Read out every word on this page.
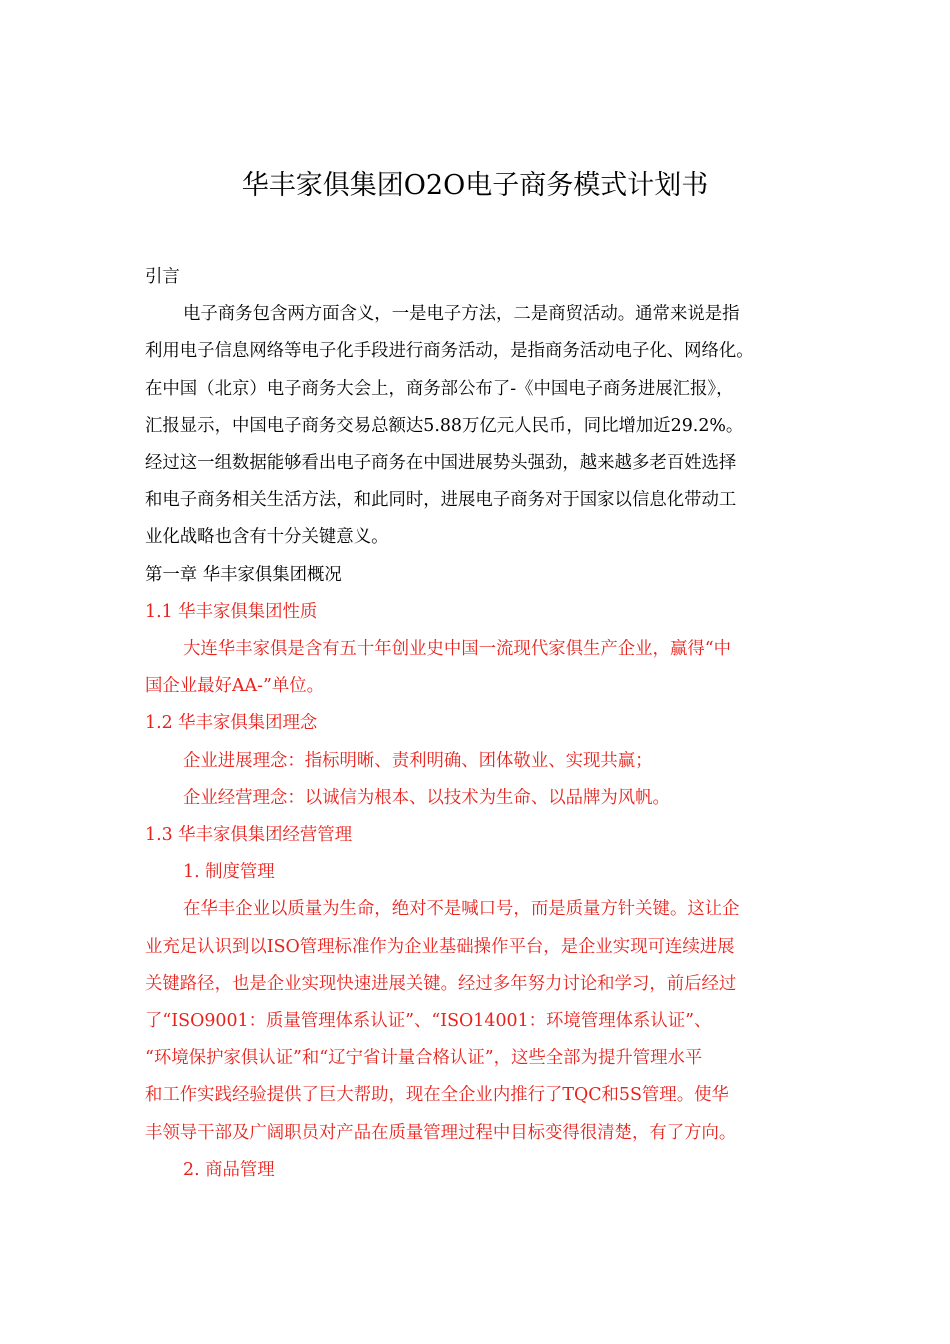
华丰家俱集团O2O电子商务模式计划书

引言

电子商务包含两方面含义，一是电子方法，二是商贸活动。通常来说是指
利用电子信息网络等电子化手段进行商务活动，是指商务活动电子化、网络化。
在中国（北京）电子商务大会上，商务部公布了-《中国电子商务进展汇报》，
汇报显示，中国电子商务交易总额达5.88万亿元人民币，同比增加近29.2%。
经过这一组数据能够看出电子商务在中国进展势头强劲，越来越多老百姓选择
和电子商务相关生活方法，和此同时，进展电子商务对于国家以信息化带动工
业化战略也含有十分关键意义。

第一章 华丰家俱集团概况

1.1 华丰家俱集团性质

大连华丰家俱是含有五十年创业史中国一流现代家俱生产企业，赢得“中
国企业最好AA-”单位。

1.2 华丰家俱集团理念

企业进展理念：指标明晰、责利明确、团体敬业、实现共赢；

企业经营理念：以诚信为根本、以技术为生命、以品牌为风帆。

1.3 华丰家俱集团经营管理

1. 制度管理

在华丰企业以质量为生命，绝对不是喊口号，而是质量方针关键。这让企
业充足认识到以ISO管理标准作为企业基础操作平台，是企业实现可连续进展
关键路径，也是企业实现快速进展关键。经过多年努力讨论和学习，前后经过
了“ISO9001：质量管理体系认证”、“ISO14001：环境管理体系认证”、
“环境保护家俱认证”和“辽宁省计量合格认证”，这些全部为提升管理水平
和工作实践经验提供了巨大帮助，现在全企业内推行了TQC和5S管理。使华
丰领导干部及广阔职员对产品在质量管理过程中目标变得很清楚，有了方向。

2. 商品管理
